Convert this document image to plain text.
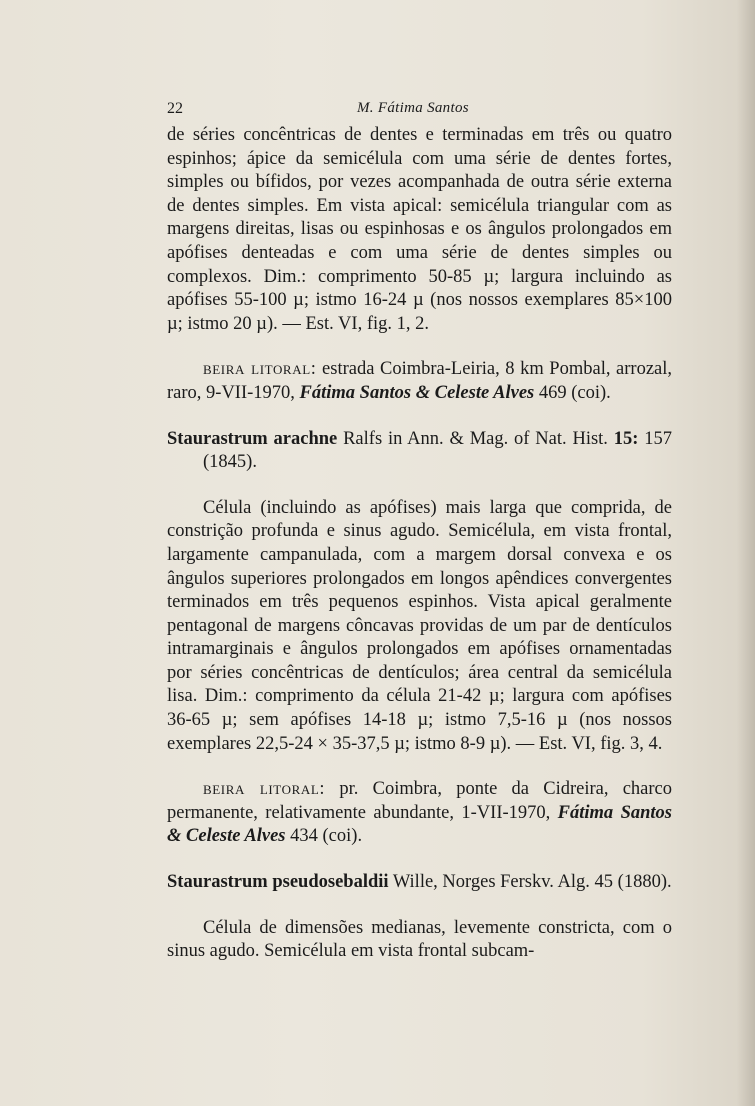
22	M. Fátima Santos

de séries concêntricas de dentes e terminadas em três ou quatro espinhos; ápice da semicélula com uma série de dentes fortes, simples ou bífidos, por vezes acompanhada de outra série externa de dentes simples. Em vista apical: semicélula triangular com as margens direitas, lisas ou espinhosas e os ângulos prolongados em apófises denteadas e com uma série de dentes simples ou complexos. Dim.: comprimento 50-85 µ; largura incluindo as apófises 55-100 µ; istmo 16-24 µ (nos nossos exemplares 85×100 µ; istmo 20 µ). — Est. VI, fig. 1, 2.

beira litoral: estrada Coimbra-Leiria, 8 km Pombal, arrozal, raro, 9-VII-1970, Fátima Santos & Celeste Alves 469 (coi).

Staurastrum arachne Ralfs in Ann. & Mag. of Nat. Hist. 15: 157 (1845).

Célula (incluindo as apófises) mais larga que comprida, de constrição profunda e sinus agudo. Semicélula, em vista frontal, largamente campanulada, com a margem dorsal convexa e os ângulos superiores prolongados em longos apêndices convergentes terminados em três pequenos espinhos. Vista apical geralmente pentagonal de margens côncavas providas de um par de dentículos intramarginais e ângulos prolongados em apófises ornamentadas por séries concêntricas de dentículos; área central da semicélula lisa. Dim.: comprimento da célula 21-42 µ; largura com apófises 36-65 µ; sem apófises 14-18 µ; istmo 7,5-16 µ (nos nossos exemplares 22,5-24 × 35-37,5 µ; istmo 8-9 µ). — Est. VI, fig. 3, 4.

beira litoral: pr. Coimbra, ponte da Cidreira, charco permanente, relativamente abundante, 1-VII-1970, Fátima Santos & Celeste Alves 434 (coi).

Staurastrum pseudosebaldii Wille, Norges Ferskv. Alg. 45 (1880).

Célula de dimensões medianas, levemente constricta, com o sinus agudo. Semicélula em vista frontal subcam-
